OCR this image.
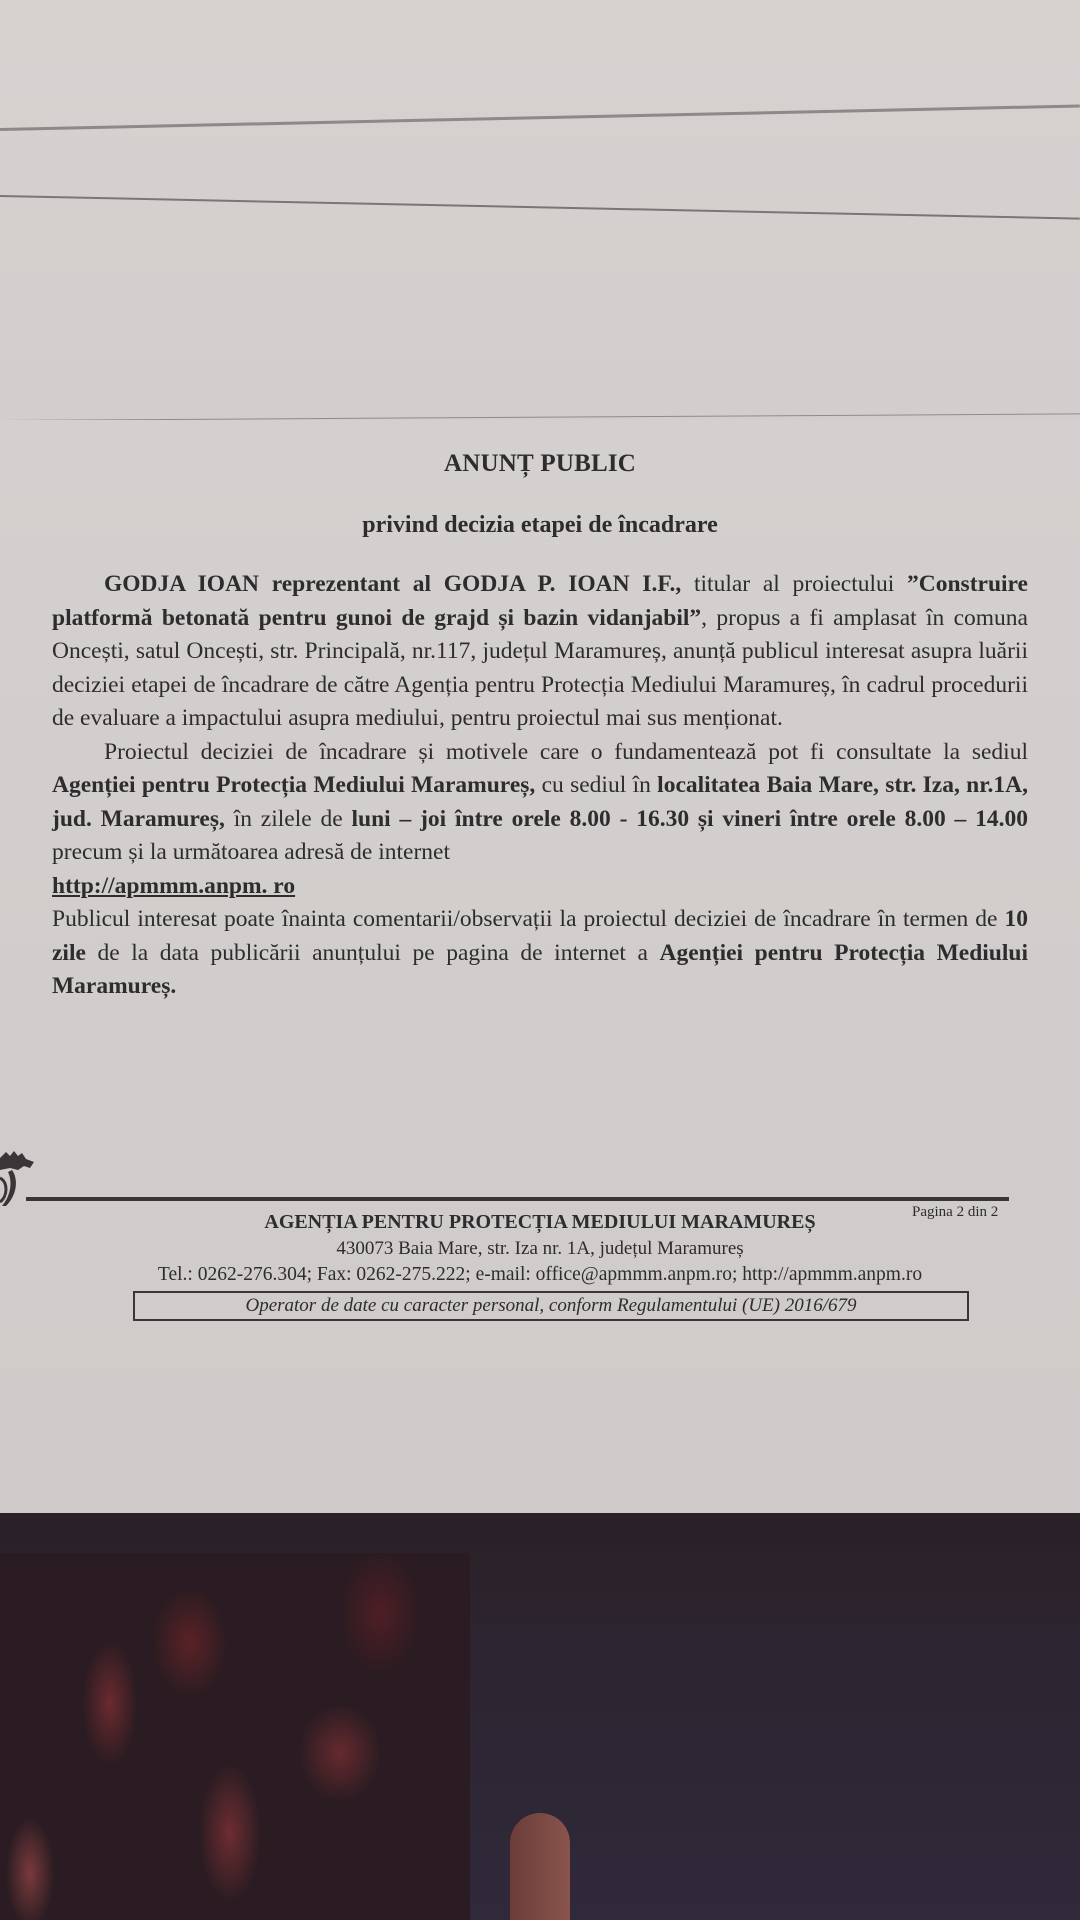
ANUNȚ PUBLIC
privind decizia etapei de încadrare

GODJA IOAN reprezentant al GODJA P. IOAN I.F., titular al proiectului ”Construire platformă betonată pentru gunoi de grajd și bazin vidanjabil”, propus a fi amplasat în comuna Oncești, satul Oncești, str. Principală, nr.117, județul Maramureș, anunță publicul interesat asupra luării deciziei etapei de încadrare de către Agenția pentru Protecția Mediului Maramureș, în cadrul procedurii de evaluare a impactului asupra mediului, pentru proiectul mai sus menționat.

Proiectul deciziei de încadrare și motivele care o fundamentează pot fi consultate la sediul Agenției pentru Protecția Mediului Maramureș, cu sediul în localitatea Baia Mare, str. Iza, nr.1A, jud. Maramureș, în zilele de luni – joi între orele 8.00 - 16.30 și vineri între orele 8.00 – 14.00 precum și la următoarea adresă de internet
http://apmmm.anpm. ro

Publicul interesat poate înainta comentarii/observații la proiectul deciziei de încadrare în termen de 10 zile de la data publicării anunțului pe pagina de internet a Agenției pentru Protecția Mediului Maramureș.

Pagina 2 din 2
AGENȚIA PENTRU PROTECȚIA MEDIULUI MARAMUREȘ
430073 Baia Mare, str. Iza nr. 1A, județul Maramureș
Tel.: 0262-276.304; Fax: 0262-275.222; e-mail: office@apmmm.anpm.ro; http://apmmm.anpm.ro
Operator de date cu caracter personal, conform Regulamentului (UE) 2016/679
